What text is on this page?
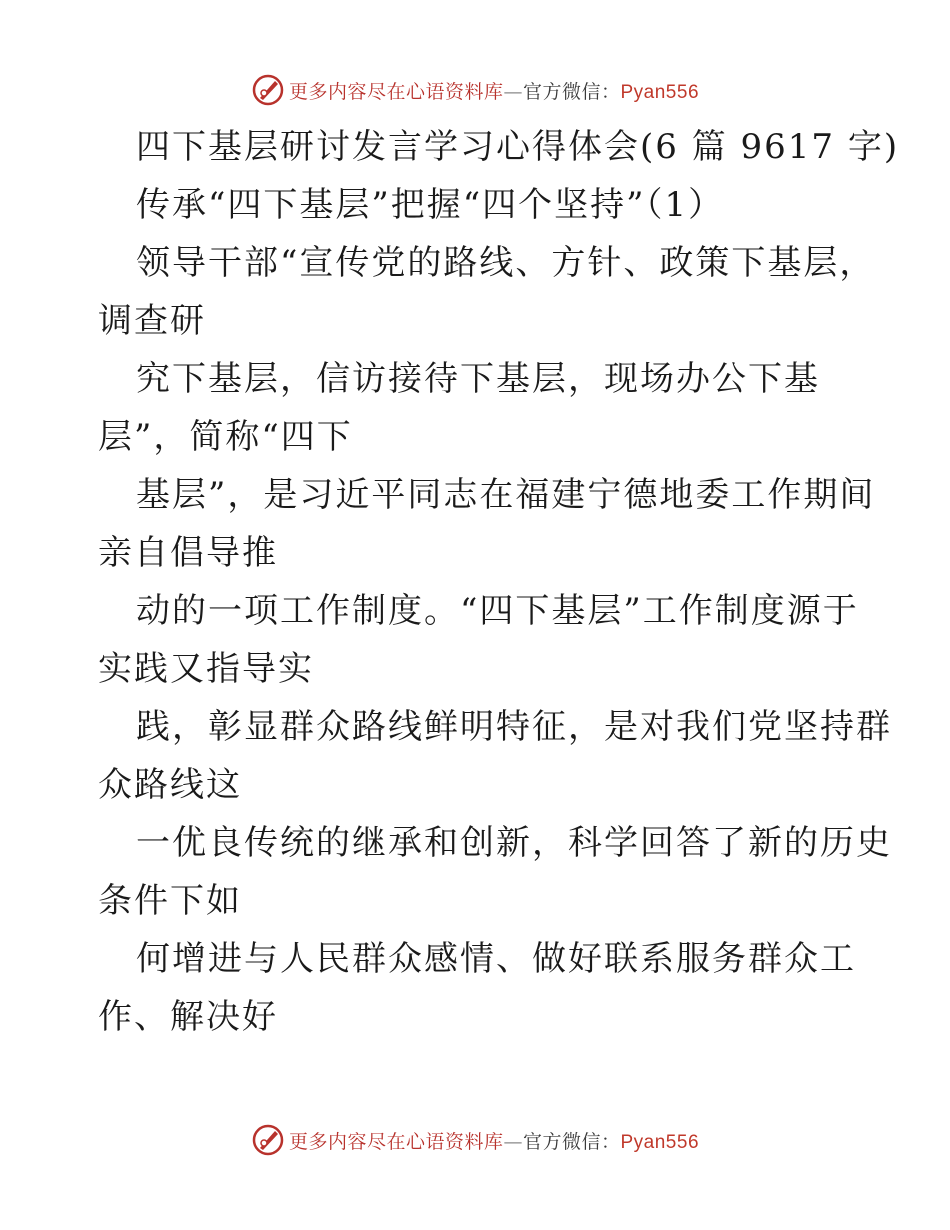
更多内容尽在心语资料库—官方微信：Pyan556
四下基层研讨发言学习心得体会(6 篇 9617 字)
传承“四下基层”把握“四个坚持”（1）
领导干部“宣传党的路线、方针、政策下基层，
调查研
究下基层，信访接待下基层，现场办公下基
层”，简称“四下
基层”，是习近平同志在福建宁德地委工作期间
亲自倡导推
动的一项工作制度。“四下基层”工作制度源于
实践又指导实
践，彰显群众路线鲜明特征，是对我们党坚持群
众路线这
一优良传统的继承和创新，科学回答了新的历史
条件下如
何增进与人民群众感情、做好联系服务群众工
作、解决好
更多内容尽在心语资料库—官方微信：Pyan556
